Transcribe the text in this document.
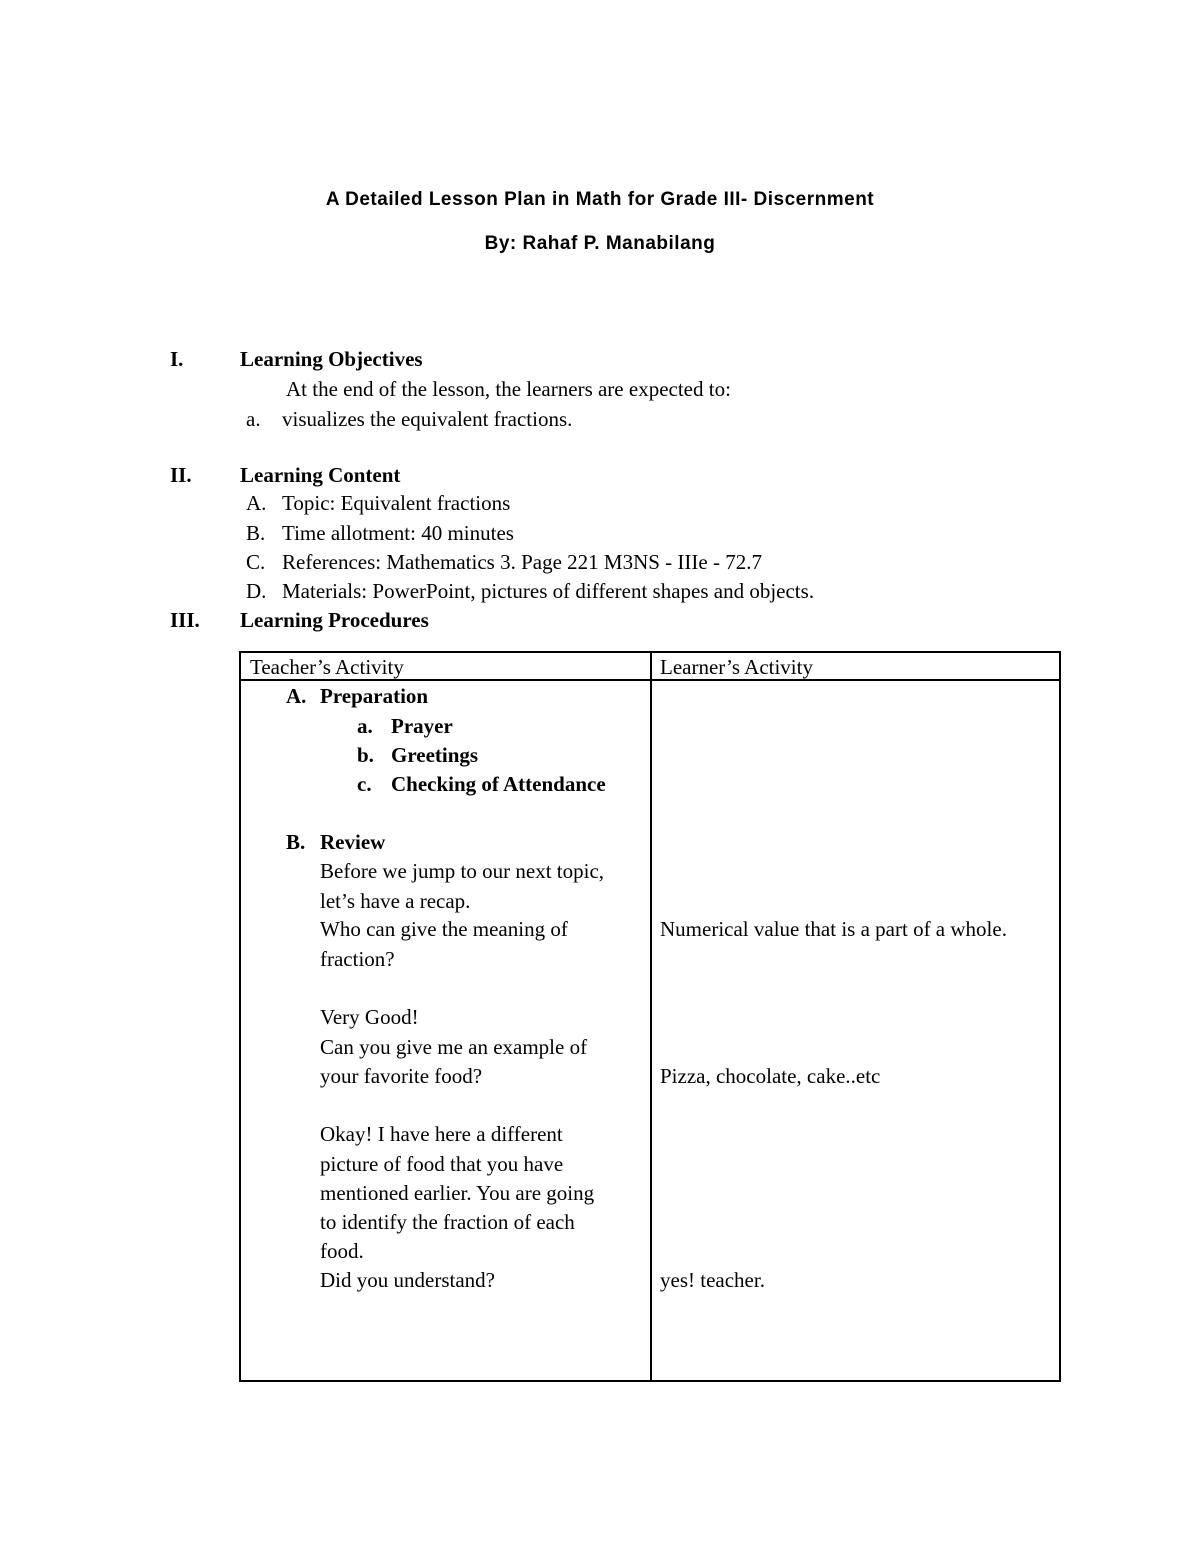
A Detailed Lesson Plan in Math for Grade III- Discernment
By: Rahaf P. Manabilang
I.	Learning Objectives
At the end of the lesson, the learners are expected to:
a. visualizes the equivalent fractions.
II. Learning Content
A. Topic: Equivalent fractions
B. Time allotment: 40 minutes
C. References: Mathematics 3. Page 221 M3NS - IIIe - 72.7
D. Materials: PowerPoint, pictures of different shapes and objects.
III. Learning Procedures
Teacher’s Activity	Learner’s Activity
A. Preparation
a. Prayer
b. Greetings
c. Checking of Attendance
B. Review
Before we jump to our next topic,
let’s have a recap.
Who can give the meaning of
fraction?
Very Good!
Can you give me an example of
your favorite food?
Okay! I have here a different
picture of food that you have
mentioned earlier. You are going
to identify the fraction of each
food.
Did you understand?
Numerical value that is a part of a whole.
Pizza, chocolate, cake..etc
yes! teacher.
